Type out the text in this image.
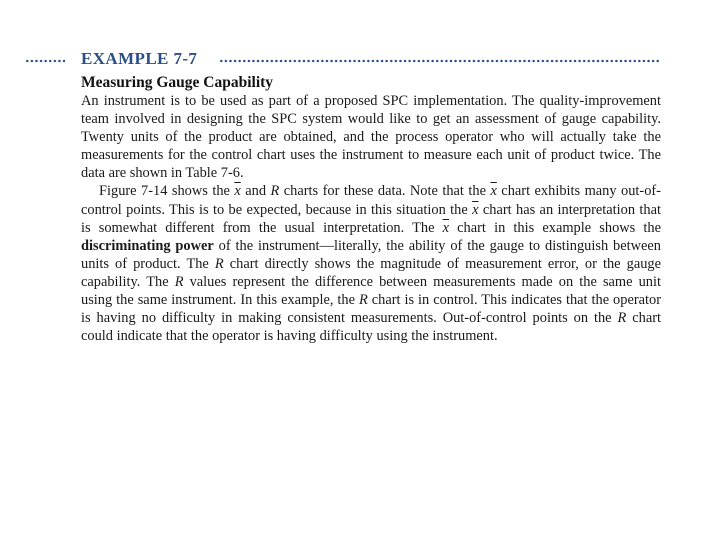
EXAMPLE 7-7
Measuring Gauge Capability

An instrument is to be used as part of a proposed SPC implementation. The quality-improvement team involved in designing the SPC system would like to get an assessment of gauge capability. Twenty units of the product are obtained, and the process operator who will actually take the measurements for the control chart uses the instrument to measure each unit of product twice. The data are shown in Table 7-6.

Figure 7-14 shows the $\overline{x}$ and R charts for these data. Note that the $\overline{x}$ chart exhibits many out-of-control points. This is to be expected, because in this situation the $\overline{x}$ chart has an interpretation that is somewhat different from the usual interpretation. The $\overline{x}$ chart in this example shows the discriminating power of the instrument—literally, the ability of the gauge to distinguish between units of product. The R chart directly shows the magnitude of measurement error, or the gauge capability. The R values represent the difference between measurements made on the same unit using the same instrument. In this example, the R chart is in control. This indicates that the operator is having no difficulty in making consistent measurements. Out-of-control points on the R chart could indicate that the operator is having difficulty using the instrument.
